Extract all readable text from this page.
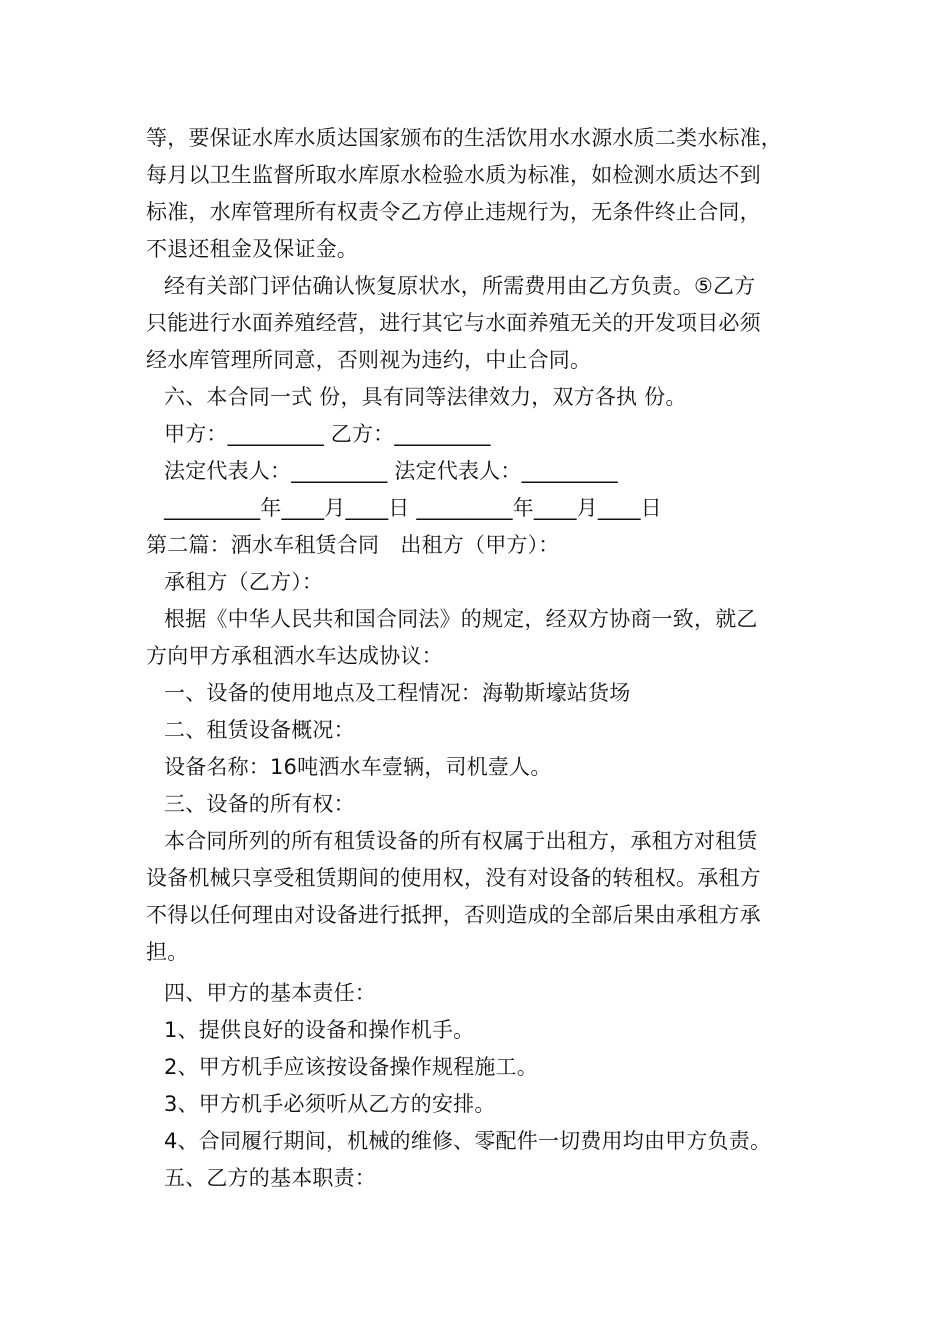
等，要保证水库水质达国家颁布的生活饮用水水源水质二类水标准，
每月以卫生监督所取水库原水检验水质为标准，如检测水质达不到
标准，水库管理所有权责令乙方停止违规行为，无条件终止合同，
不退还租金及保证金。
经有关部门评估确认恢复原状水，所需费用由乙方负责。⑤乙方
只能进行水面养殖经营，进行其它与水面养殖无关的开发项目必须
经水库管理所同意，否则视为违约，中止合同。
六、本合同一式 份，具有同等法律效力，双方各执 份。
甲方：_________ 乙方：_________
法定代表人：_________ 法定代表人：_________
_________年____月____日 _________年____月____日
第二篇：洒水车租赁合同　出租方（甲方）：
承租方（乙方）：
根据《中华人民共和国合同法》的规定，经双方协商一致，就乙
方向甲方承租洒水车达成协议：
一、设备的使用地点及工程情况：海勒斯壕站货场
二、租赁设备概况：
设备名称：16吨洒水车壹辆，司机壹人。
三、设备的所有权：
本合同所列的所有租赁设备的所有权属于出租方，承租方对租赁
设备机械只享受租赁期间的使用权，没有对设备的转租权。承租方
不得以任何理由对设备进行抵押，否则造成的全部后果由承租方承
担。
四、甲方的基本责任：
1、提供良好的设备和操作机手。
2、甲方机手应该按设备操作规程施工。
3、甲方机手必须听从乙方的安排。
4、合同履行期间，机械的维修、零配件一切费用均由甲方负责。
五、乙方的基本职责：
